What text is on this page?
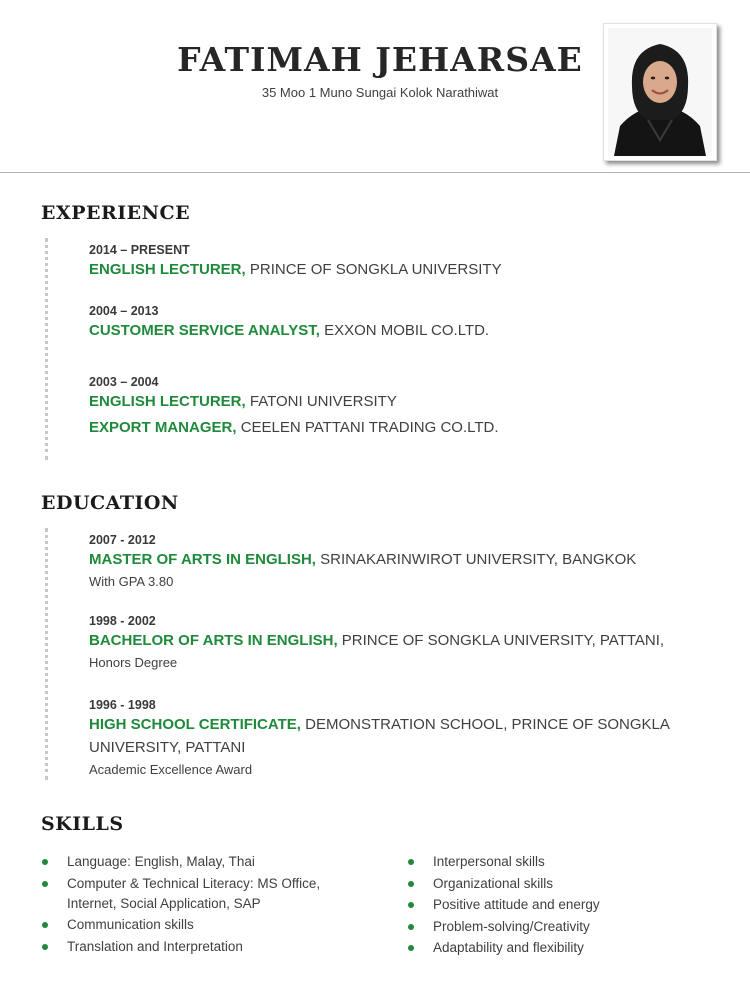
FATIMAH JEHARSAE
35 Moo 1 Muno Sungai Kolok Narathiwat
EXPERIENCE
2014 – PRESENT
ENGLISH LECTURER, PRINCE OF SONGKLA UNIVERSITY
2004 – 2013
CUSTOMER SERVICE ANALYST, EXXON MOBIL CO.LTD.
2003 – 2004
ENGLISH LECTURER, FATONI UNIVERSITY
EXPORT MANAGER, CEELEN PATTANI TRADING CO.LTD.
EDUCATION
2007 - 2012
MASTER OF ARTS IN ENGLISH, SRINAKARINWIROT UNIVERSITY, BANGKOK
With GPA 3.80
1998 - 2002
BACHELOR OF ARTS IN ENGLISH, PRINCE OF SONGKLA UNIVERSITY, PATTANI,
Honors Degree
1996 - 1998
HIGH SCHOOL CERTIFICATE, DEMONSTRATION SCHOOL, PRINCE OF SONGKLA
UNIVERSITY, PATTANI
Academic Excellence Award
SKILLS
Language: English, Malay, Thai
Computer & Technical Literacy: MS Office,
Internet, Social Application, SAP
Communication skills
Translation and Interpretation
Interpersonal skills
Organizational skills
Positive attitude and energy
Problem-solving/Creativity
Adaptability and flexibility
